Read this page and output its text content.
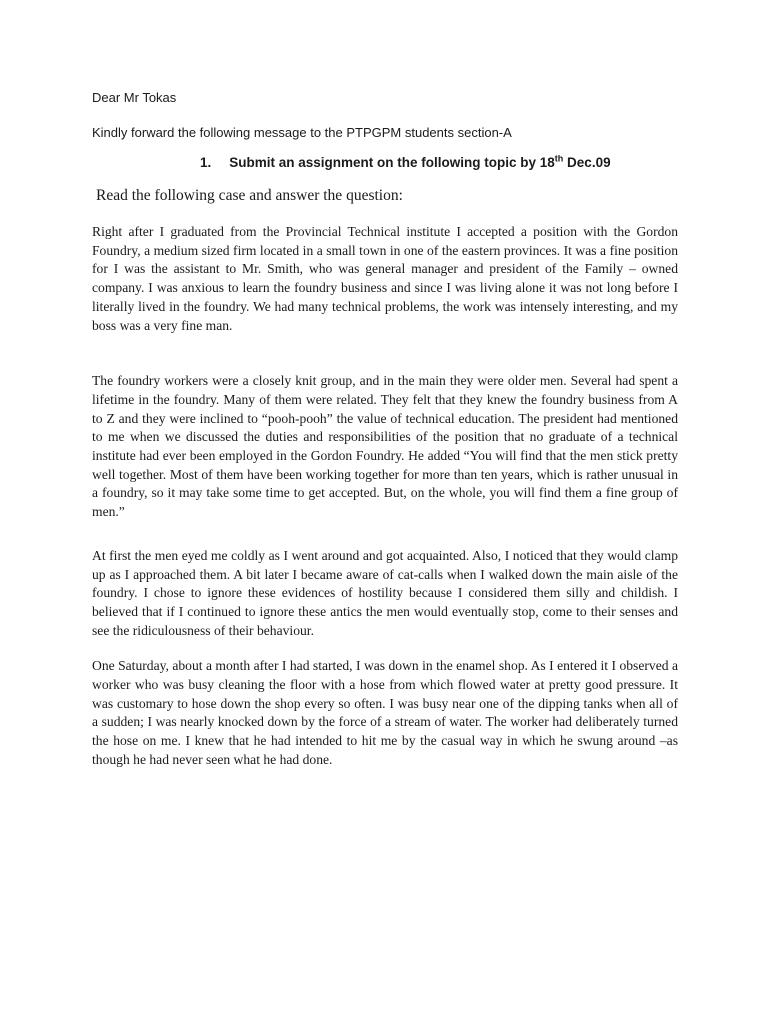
Dear Mr Tokas

Kindly forward the following message to the PTPGPM students section-A

1. Submit an assignment on the following topic by 18th Dec.09

Read the following case and answer the question:

Right after I graduated from the Provincial Technical institute I accepted a position with the Gordon Foundry, a medium sized firm located in a small town in one of the eastern provinces. It was a fine position for I was the assistant to Mr. Smith, who was general manager and president of the Family – owned company. I was anxious to learn the foundry business and since I was living alone it was not long before I literally lived in the foundry. We had many technical problems, the work was intensely interesting, and my boss was a very fine man.

The foundry workers were a closely knit group, and in the main they were older men. Several had spent a lifetime in the foundry. Many of them were related. They felt that they knew the foundry business from A to Z and they were inclined to “pooh-pooh” the value of technical education. The president had mentioned to me when we discussed the duties and responsibilities of the position that no graduate of a technical institute had ever been employed in the Gordon Foundry. He added “You will find that the men stick pretty well together. Most of them have been working together for more than ten years, which is rather unusual in a foundry, so it may take some time to get accepted. But, on the whole, you will find them a fine group of men.”

At first the men eyed me coldly as I went around and got acquainted. Also, I noticed that they would clamp up as I approached them. A bit later I became aware of cat-calls when I walked down the main aisle of the foundry. I chose to ignore these evidences of hostility because I considered them silly and childish. I believed that if I continued to ignore these antics the men would eventually stop, come to their senses and see the ridiculousness of their behaviour.

One Saturday, about a month after I had started, I was down in the enamel shop. As I entered it I observed a worker who was busy cleaning the floor with a hose from which flowed water at pretty good pressure. It was customary to hose down the shop every so often. I was busy near one of the dipping tanks when all of a sudden; I was nearly knocked down by the force of a stream of water. The worker had deliberately turned the hose on me. I knew that he had intended to hit me by the casual way in which he swung around –as though he had never seen what he had done.
